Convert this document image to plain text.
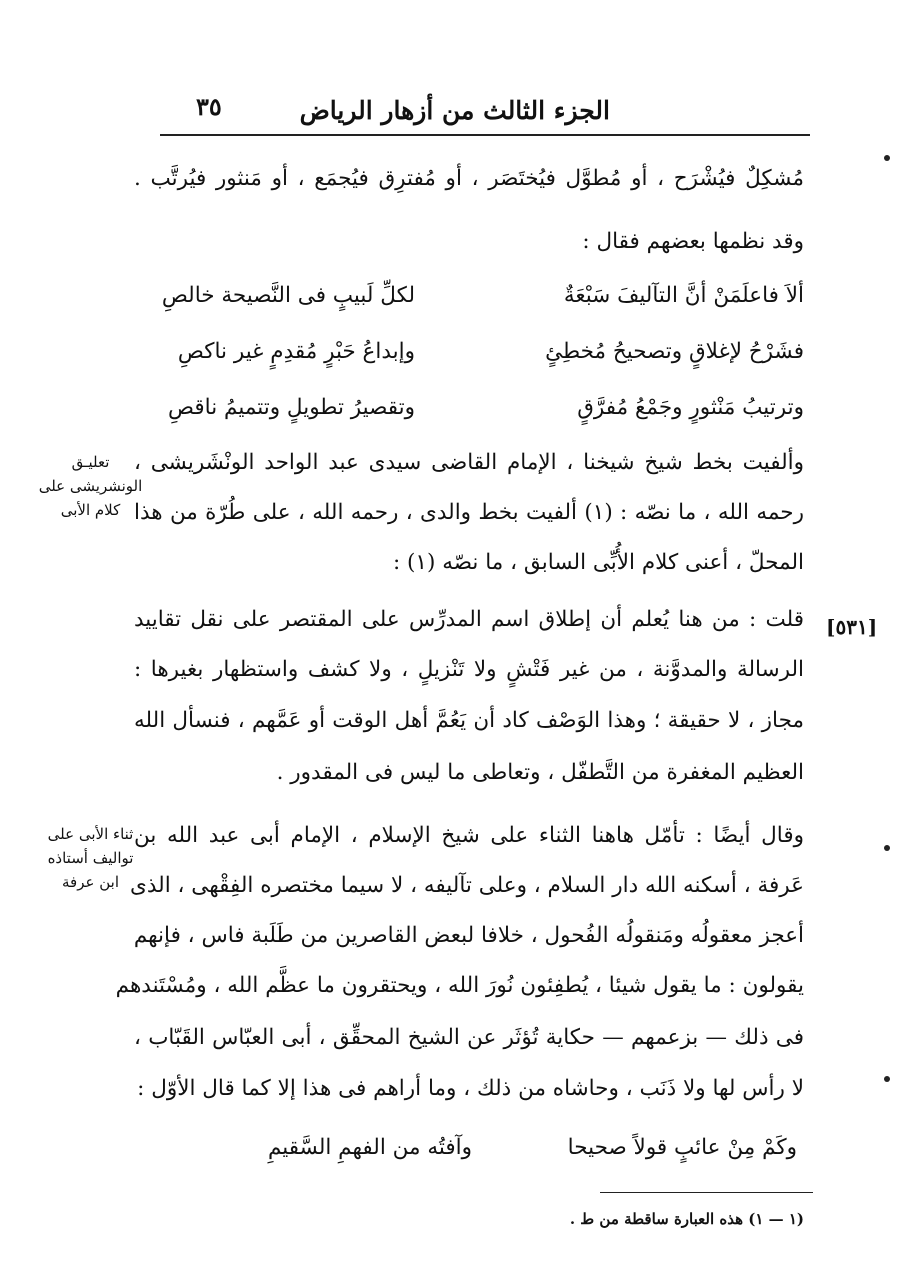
٣٥	الجزء الثالث من أزهار الرياض
مُشكِلٌ فيُشْرَح ، أو مُطوَّل فيُختَصَر ، أو مُفترِق فيُجمَع ، أو مَنثور فيُرتَّب .
وقد نظمها بعضهم فقال :
ألاَ فاعلَمَنْ أنَّ التآليفَ سَبْعَةٌ
لكلِّ لَبيبٍ فى النَّصيحة خالصِ
فشَرْحُ لإغلاقٍ وتصحيحُ مُخطِئٍ
وإبداعُ حَبْرٍ مُقدِمٍ غير ناكصِ
وترتيبُ مَنْثورٍ وجَمْعُ مُفرَّقٍ
وتقصيرُ تطويلٍ وتتميمُ ناقصِ
وألفيت بخط شيخ شيخنا ، الإمام القاضى سيدى عبد الواحد الونْشَريشى ،
رحمه الله ، ما نصّه : (١) ألفيت بخط والدى ، رحمه الله ، على طُرّة من هذا
المحلّ ، أعنى كلام الأُبِّى السابق ، ما نصّه (١) :
قلت : من هنا يُعلم أن إطلاق اسم المدرِّس على المقتصر على نقل تقاييد
الرسالة والمدوَّنة ، من غير فَتْشٍ ولا تَنْزيلٍ ، ولا كشف واستظهار بغيرها :
مجاز ، لا حقيقة ؛ وهذا الوَصْف كاد أن يَعُمَّ أهل الوقت أو عَمَّهم ، فنسأل الله
العظيم المغفرة من التَّطفّل ، وتعاطى ما ليس فى المقدور .
وقال أيضًا : تأمّل هاهنا الثناء على شيخ الإسلام ، الإمام أبى عبد الله بن
عَرفة ، أسكنه الله دار السلام ، وعلى تآليفه ، لا سيما مختصره الفِقْهى ، الذى
أعجز معقولُه ومَنقولُه الفُحول ، خلافا لبعض القاصرين من طَلَبة فاس ، فإنهم
يقولون : ما يقول شيئا ، يُطفِئون نُورَ الله ، ويحتقرون ما عظَّم الله ، ومُسْتَندهم
فى ذلك — بزعمهم — حكاية تُؤثَر عن الشيخ المحقِّق ، أبى العبّاس القَبّاب ،
لا رأس لها ولا ذَنَب ، وحاشاه من ذلك ، وما أراهم فى هذا إلا كما قال الأوّل :
وكَمْ مِنْ عائبٍ قولاً صحيحا
وآفتُه من الفهمِ السَّقيمِ
تعليـق
الونشريشى على
كلام الأبى
ثناء الأبى على
تواليف أستاذه
ابن عرفة
[٥٣١]
(١ — ١) هذه العبارة ساقطة من ط .
